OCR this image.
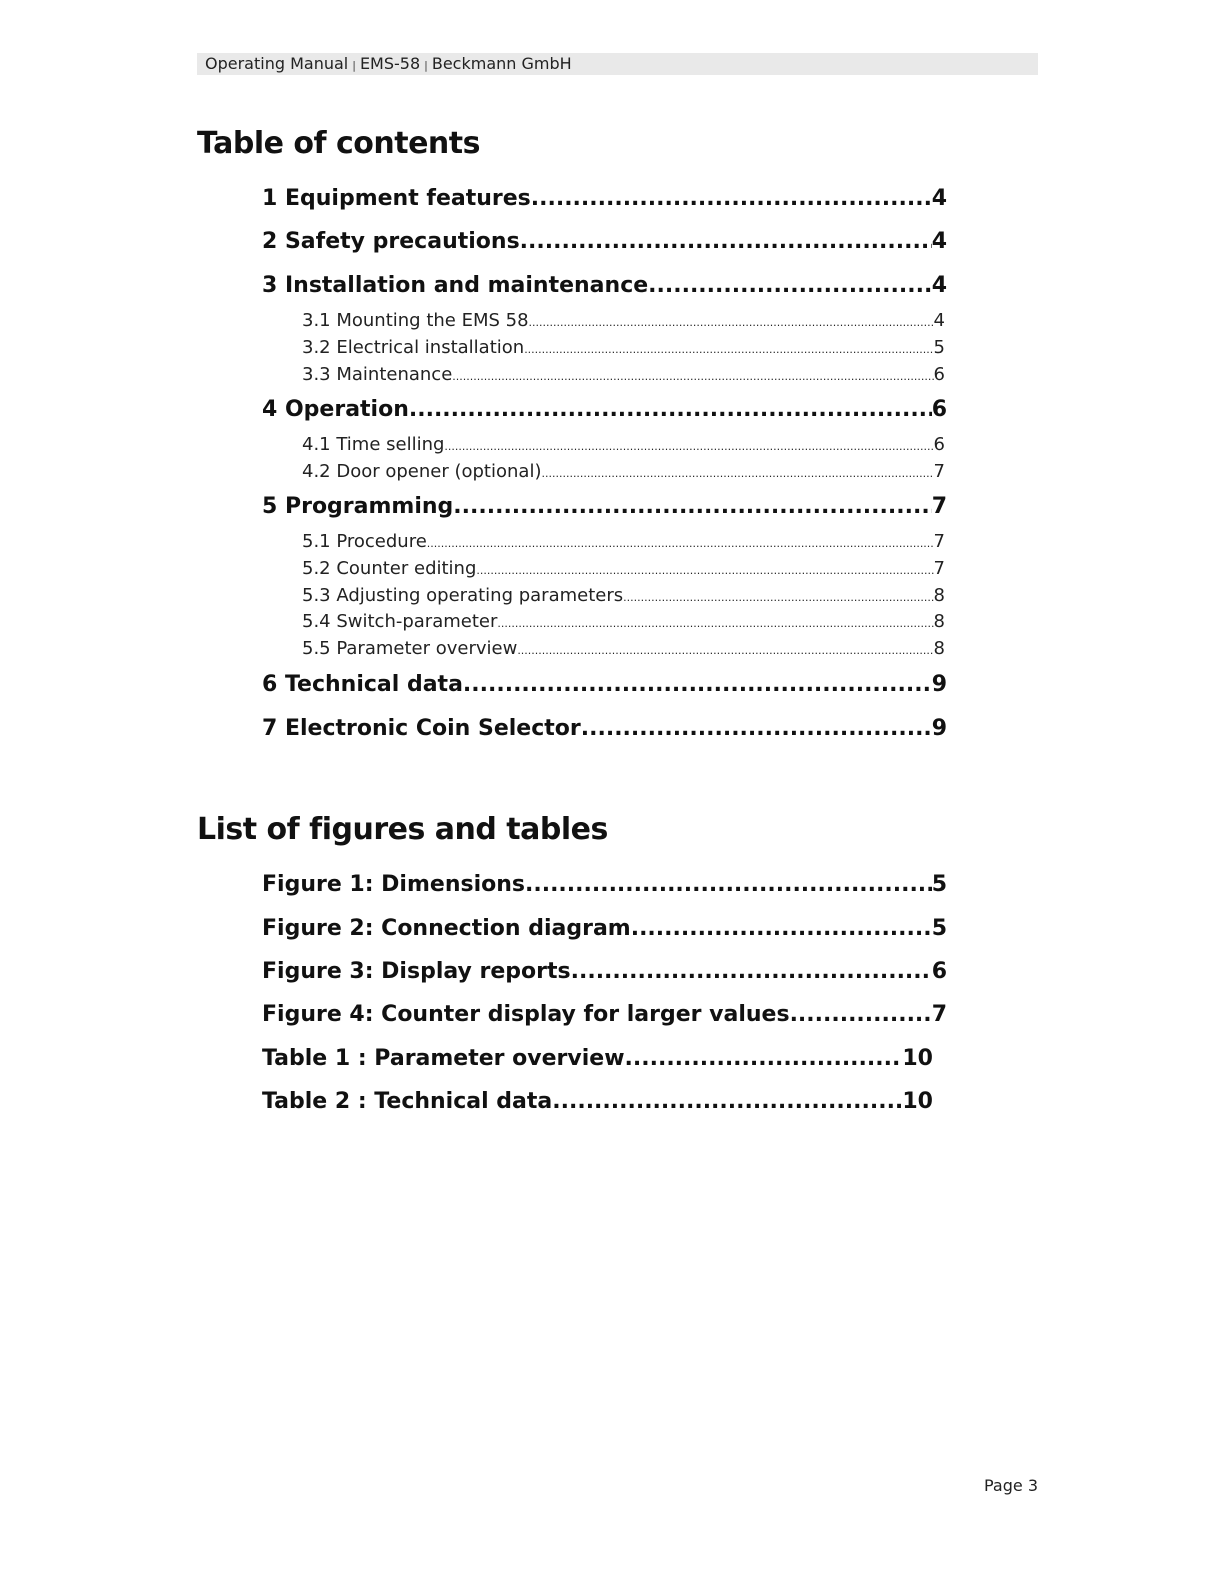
Operating Manual | EMS-58 | Beckmann GmbH
Table of contents
1 Equipment features .....	4
2 Safety precautions .....	4
3 Installation and maintenance .....	4
3.1 Mounting the EMS 58 .....	4
3.2 Electrical installation .....	5
3.3 Maintenance .....	6
4 Operation .....	6
4.1 Time selling .....	6
4.2 Door opener (optional) .....	7
5 Programming .....	7
5.1 Procedure .....	7
5.2 Counter editing .....	7
5.3 Adjusting operating parameters .....	8
5.4 Switch-parameter .....	8
5.5 Parameter overview .....	8
6 Technical data .....	9
7 Electronic Coin Selector .....	9
List of figures and tables
Figure 1: Dimensions .....	5
Figure 2: Connection diagram .....	5
Figure 3: Display reports .....	6
Figure 4: Counter display for larger values .....	7
Table 1 : Parameter overview .....	10
Table 2 : Technical data .....	10
Page 3
